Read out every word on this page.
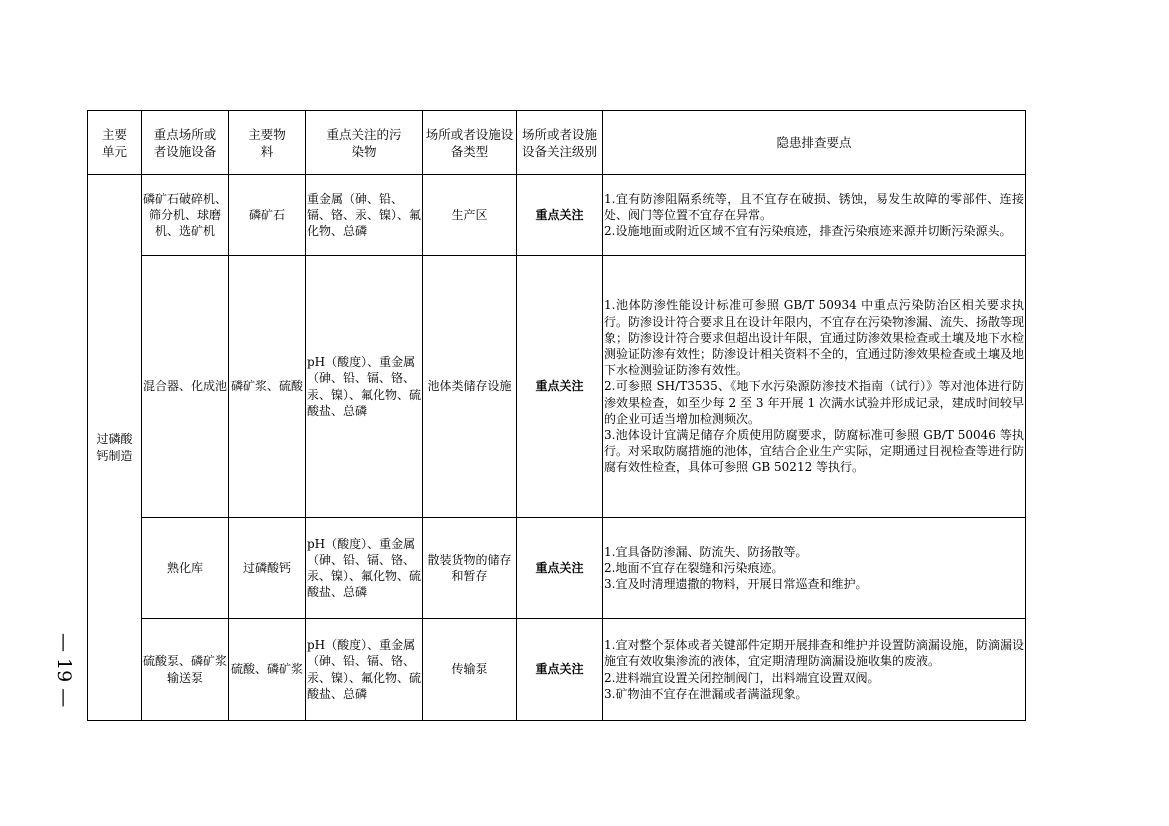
主要单元	重点场所或者设施设备	主要物料	重点关注的污染物	场所或者设施设备类型	场所或者设施设备关注级别	隐患排查要点
过磷酸钙制造	磷矿石破碎机、筛分机、球磨机、选矿机	磷矿石	重金属（砷、铅、镉、铬、汞、镍）、氟化物、总磷	生产区	重点关注	1.宜有防渗阻隔系统等，且不宜存在破损、锈蚀，易发生故障的零部件、连接处、阀门等位置不宜存在异常。
2.设施地面或附近区域不宜有污染痕迹，排查污染痕迹来源并切断污染源头。

	混合器、化成池	磷矿浆、硫酸	pH（酸度）、重金属（砷、铅、镉、铬、汞、镍）、氟化物、硫酸盐、总磷	池体类储存设施	重点关注	1.池体防渗性能设计标准可参照 GB/T 50934 中重点污染防治区相关要求执行。防渗设计符合要求且在设计年限内，不宜存在污染物渗漏、流失、扬散等现象；防渗设计符合要求但超出设计年限，宜通过防渗效果检查或土壤及地下水检测验证防渗有效性；防渗设计相关资料不全的，宜通过防渗效果检查或土壤及地下水检测验证防渗有效性。
2.可参照 SH/T3535、《地下水污染源防渗技术指南（试行）》等对池体进行防渗效果检查，如至少每 2 至 3 年开展 1 次满水试验并形成记录，建成时间较早的企业可适当增加检测频次。
3.池体设计宜满足储存介质使用防腐要求，防腐标准可参照 GB/T 50046 等执行。对采取防腐措施的池体，宜结合企业生产实际，定期通过目视检查等进行防腐有效性检查，具体可参照 GB 50212 等执行。

	熟化库	过磷酸钙	pH（酸度）、重金属（砷、铅、镉、铬、汞、镍）、氟化物、硫酸盐、总磷	散装货物的储存和暂存	重点关注	1.宜具备防渗漏、防流失、防扬散等。
2.地面不宜存在裂缝和污染痕迹。
3.宜及时清理遗撒的物料，开展日常巡查和维护。

	硫酸泵、磷矿浆输送泵	硫酸、磷矿浆	pH（酸度）、重金属（砷、铅、镉、铬、汞、镍）、氟化物、硫酸盐、总磷	传输泵	重点关注	1.宜对整个泵体或者关键部件定期开展排查和维护并设置防滴漏设施，防滴漏设施宜有效收集渗流的液体，宜定期清理防滴漏设施收集的废液。
2.进料端宜设置关闭控制阀门，出料端宜设置双阀。
3.矿物油不宜存在泄漏或者满溢现象。
— 19 —
